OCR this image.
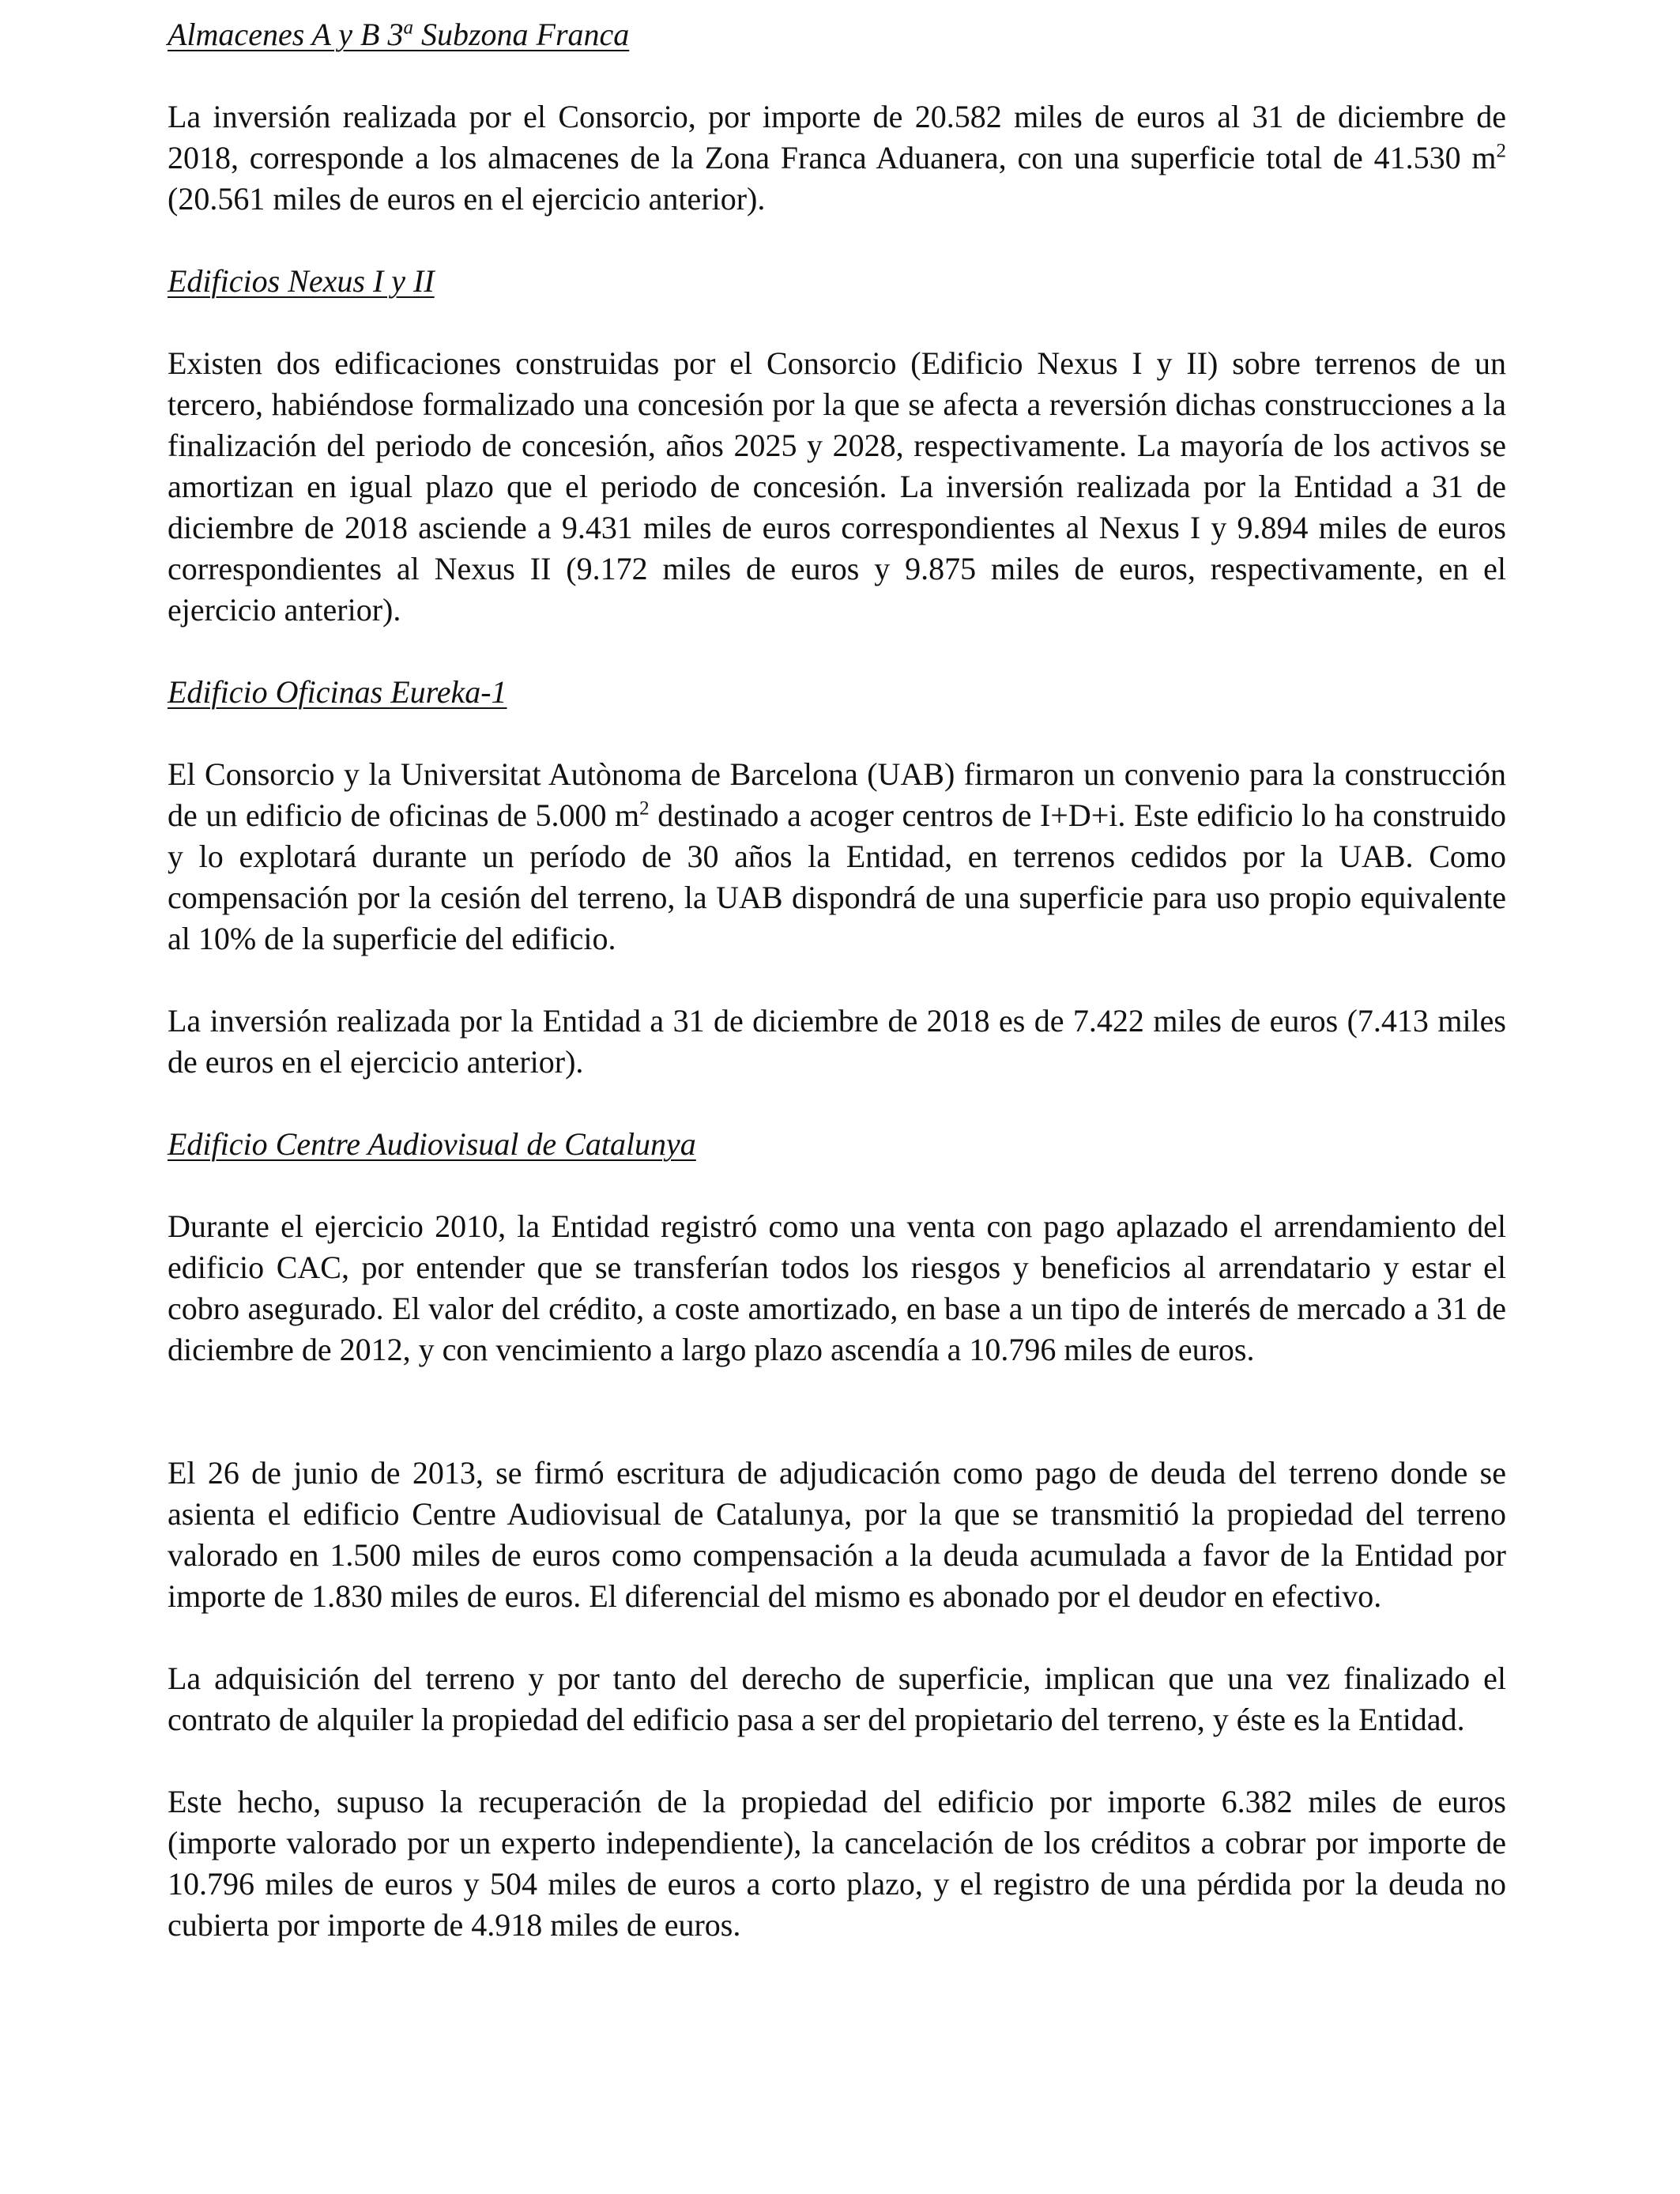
Almacenes A y B 3$^a$ Subzona Franca

La inversión realizada por el Consorcio, por importe de 20.582 miles de euros al 31 de diciembre de 2018, corresponde a los almacenes de la Zona Franca Aduanera, con una superficie total de 41.530 $m^2$ (20.561 miles de euros en el ejercicio anterior).

Edificios Nexus I y II

Existen dos edificaciones construidas por el Consorcio (Edificio Nexus I y II) sobre terrenos de un tercero, habiéndose formalizado una concesión por la que se afecta a reversión dichas construcciones a la finalización del periodo de concesión, años 2025 y 2028, respectivamente. La mayoría de los activos se amortizan en igual plazo que el periodo de concesión. La inversión realizada por la Entidad a 31 de diciembre de 2018 asciende a 9.431 miles de euros correspondientes al Nexus I y 9.894 miles de euros correspondientes al Nexus II (9.172 miles de euros y 9.875 miles de euros, respectivamente, en el ejercicio anterior).

Edificio Oficinas Eureka-1

El Consorcio y la Universitat Autònoma de Barcelona (UAB) firmaron un convenio para la construcción de un edificio de oficinas de 5.000 $m^2$ destinado a acoger centros de I+D+i. Este edificio lo ha construido y lo explotará durante un período de 30 años la Entidad, en terrenos cedidos por la UAB. Como compensación por la cesión del terreno, la UAB dispondrá de una superficie para uso propio equivalente al 10% de la superficie del edificio.

La inversión realizada por la Entidad a 31 de diciembre de 2018 es de 7.422 miles de euros (7.413 miles de euros en el ejercicio anterior).

Edificio Centre Audiovisual de Catalunya

Durante el ejercicio 2010, la Entidad registró como una venta con pago aplazado el arrendamiento del edificio CAC, por entender que se transferían todos los riesgos y beneficios al arrendatario y estar el cobro asegurado. El valor del crédito, a coste amortizado, en base a un tipo de interés de mercado a 31 de diciembre de 2012, y con vencimiento a largo plazo ascendía a 10.796 miles de euros.

El 26 de junio de 2013, se firmó escritura de adjudicación como pago de deuda del terreno donde se asienta el edificio Centre Audiovisual de Catalunya, por la que se transmitió la propiedad del terreno valorado en 1.500 miles de euros como compensación a la deuda acumulada a favor de la Entidad por importe de 1.830 miles de euros. El diferencial del mismo es abonado por el deudor en efectivo.

La adquisición del terreno y por tanto del derecho de superficie, implican que una vez finalizado el contrato de alquiler la propiedad del edificio pasa a ser del propietario del terreno, y éste es la Entidad.

Este hecho, supuso la recuperación de la propiedad del edificio por importe 6.382 miles de euros (importe valorado por un experto independiente), la cancelación de los créditos a cobrar por importe de 10.796 miles de euros y 504 miles de euros a corto plazo, y el registro de una pérdida por la deuda no cubierta por importe de 4.918 miles de euros.
